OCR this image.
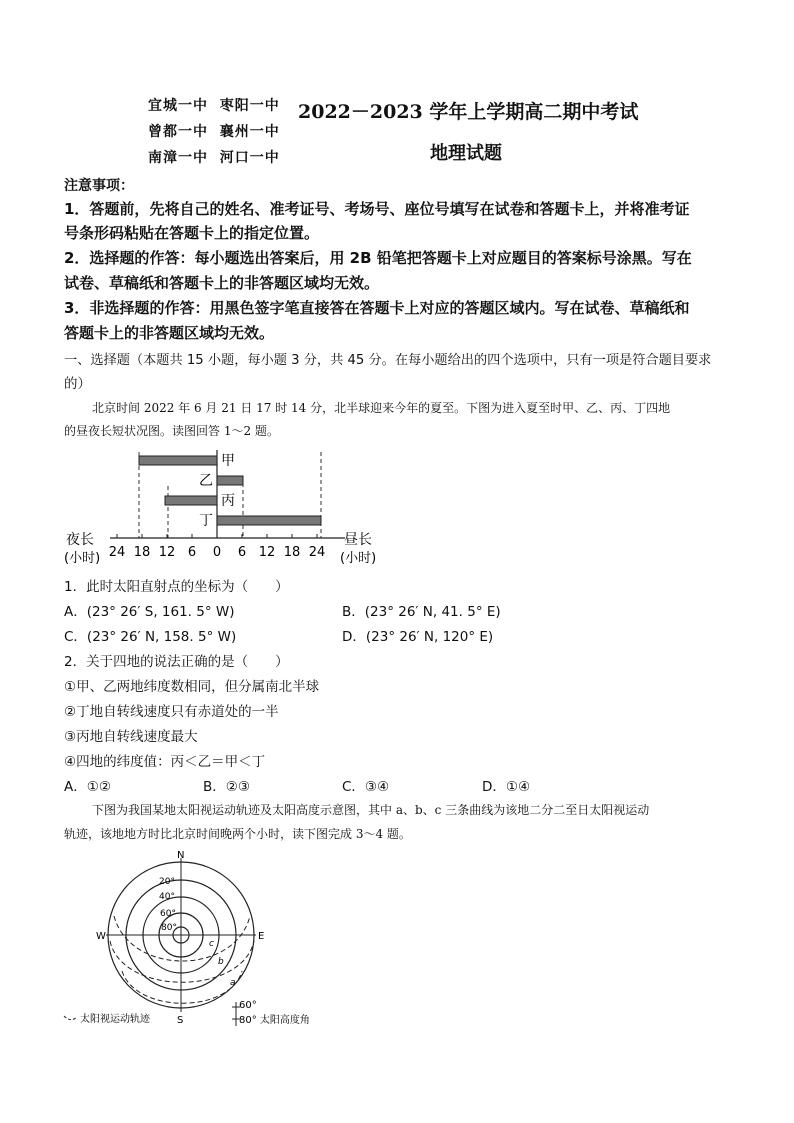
宜城一中 枣阳一中
曾都一中 襄州一中
南漳一中 河口一中
2022－2023 学年上学期高二期中考试
地理试题
注意事项：
1．答题前，先将自己的姓名、准考证号、考场号、座位号填写在试卷和答题卡上，并将准考证
号条形码粘贴在答题卡上的指定位置。
2．选择题的作答：每小题选出答案后，用 2B 铅笔把答题卡上对应题目的答案标号涂黑。写在
试卷、草稿纸和答题卡上的非答题区域均无效。
3．非选择题的作答：用黑色签字笔直接答在答题卡上对应的答题区域内。写在试卷、草稿纸和
答题卡上的非答题区域均无效。
一、选择题（本题共 15 小题，每小题 3 分，共 45 分。在每小题给出的四个选项中，只有一项是符合题目要求
的）
北京时间 2022 年 6 月 21 日 17 时 14 分，北半球迎来今年的夏至。下图为进入夏至时甲、乙、丙、丁四地
的昼夜长短状况图。读图回答 1～2 题。
甲
乙
丙
丁
24 18 12 6 0 6 12 18 24
夜长
(小时)
昼长
(小时)
1．此时太阳直射点的坐标为（　　）
A．(23° 26′ S, 161. 5° W)	B．(23° 26′ N, 41. 5° E)
C．(23° 26′ N, 158. 5° W)	D．(23° 26′ N, 120° E)
2．关于四地的说法正确的是（　　）
①甲、乙两地纬度数相同，但分属南北半球
②丁地自转线速度只有赤道处的一半
③丙地自转线速度最大
④四地的纬度值：丙＜乙＝甲＜丁
A．①②	B．②③	C．③④	D．①④
下图为我国某地太阳视运动轨迹及太阳高度示意图，其中 a、b、c 三条曲线为该地二分二至日太阳视运动
轨迹，该地地方时比北京时间晚两个小时，读下图完成 3～4 题。
N
S
W	E
20°
40°
60°
80°
c
b
a
太阳视运动轨迹
60°
80° 太阳高度角
